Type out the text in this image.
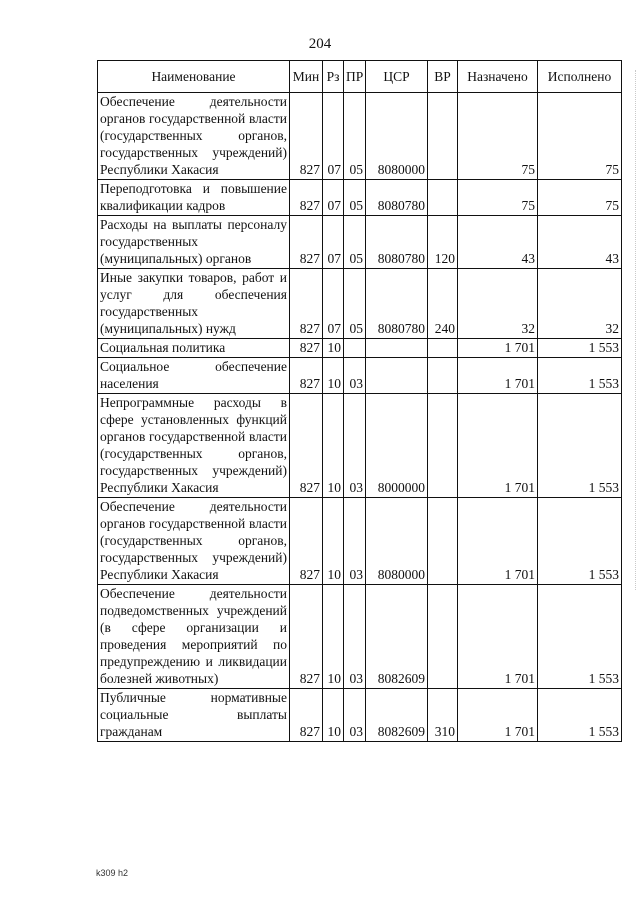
204
Наименование	Мин	Рз	ПР	ЦСР	ВР	Назначено	Исполнено
Обеспечение деятельности органов государственной власти (государственных органов, государственных учреждений) Республики Хакасия	827	07	05	8080000		75	75
Переподготовка и повышение квалификации кадров	827	07	05	8080780		75	75
Расходы на выплаты персоналу государственных (муниципальных) органов	827	07	05	8080780	120	43	43
Иные закупки товаров, работ и услуг для обеспечения государственных (муниципальных) нужд	827	07	05	8080780	240	32	32
Социальная политика	827	10				1 701	1 553
Социальное обеспечение населения	827	10	03			1 701	1 553
Непрограммные расходы в сфере установленных функций органов государственной власти (государственных органов, государственных учреждений) Республики Хакасия	827	10	03	8000000		1 701	1 553
Обеспечение деятельности органов государственной власти (государственных органов, государственных учреждений) Республики Хакасия	827	10	03	8080000		1 701	1 553
Обеспечение деятельности подведомственных учреждений (в сфере организации и проведения мероприятий по предупреждению и ликвидации болезней животных)	827	10	03	8082609		1 701	1 553
Публичные нормативные социальные выплаты гражданам	827	10	03	8082609	310	1 701	1 553
k309 h2
